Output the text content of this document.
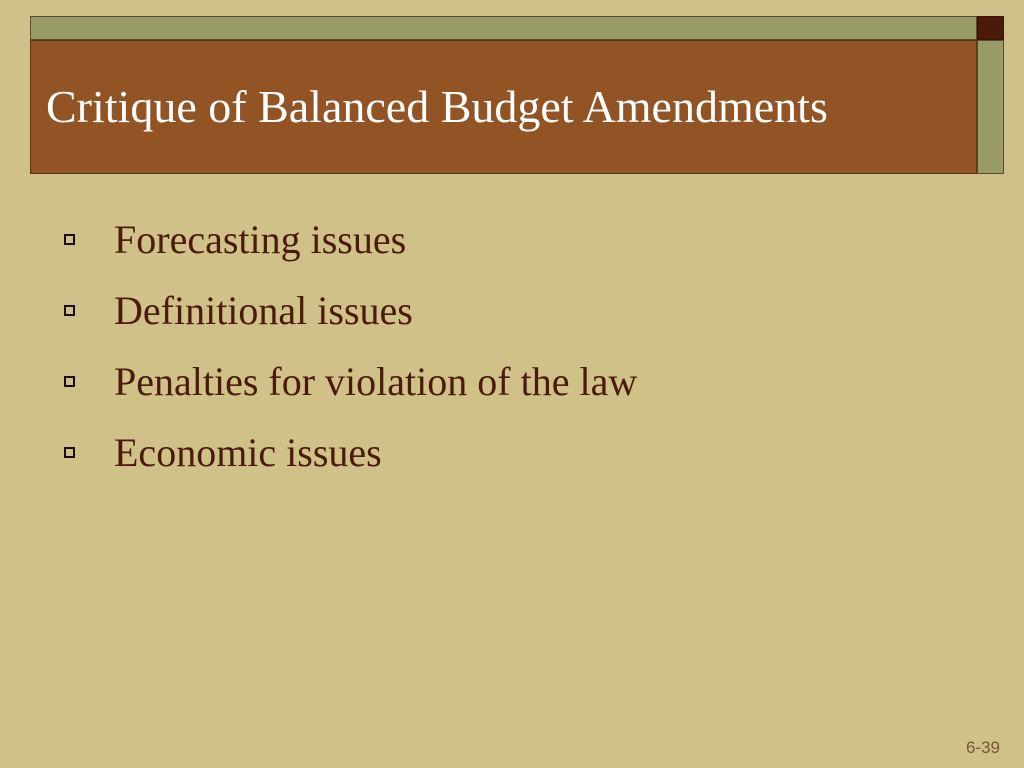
Critique of Balanced Budget Amendments
Forecasting issues
Definitional issues
Penalties for violation of the law
Economic issues
6-39
